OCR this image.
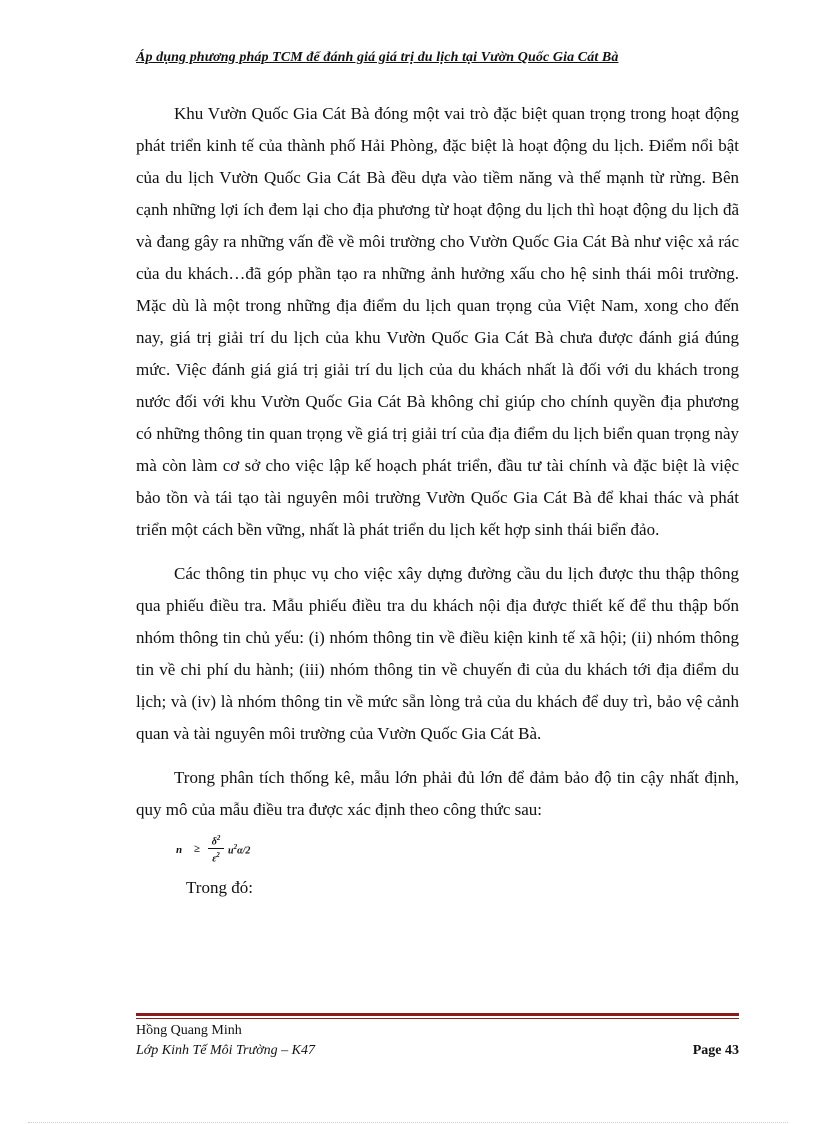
Áp dụng phương pháp TCM để đánh giá giá trị du lịch tại Vườn Quốc Gia Cát Bà

Khu Vườn Quốc Gia Cát Bà đóng một vai trò đặc biệt quan trọng trong hoạt động phát triển kinh tế của thành phố Hải Phòng, đặc biệt là hoạt động du lịch. Điểm nổi bật của du lịch Vườn Quốc Gia Cát Bà đều dựa vào tiềm năng và thế mạnh từ rừng. Bên cạnh những lợi ích đem lại cho địa phương từ hoạt động du lịch thì hoạt động du lịch đã và đang gây ra những vấn đề về môi trường cho Vườn Quốc Gia Cát Bà như việc xả rác của du khách…đã góp phần tạo ra những ảnh hưởng xấu cho hệ sinh thái môi trường. Mặc dù là một trong những địa điểm du lịch quan trọng của Việt Nam, xong cho đến nay, giá trị giải trí du lịch của khu Vườn Quốc Gia Cát Bà chưa được đánh giá đúng mức. Việc đánh giá giá trị giải trí du lịch của du khách nhất là đối với du khách trong nước đối với khu Vườn Quốc Gia Cát Bà không chỉ giúp cho chính quyền địa phương có những thông tin quan trọng về giá trị giải trí của địa điểm du lịch biển quan trọng này mà còn làm cơ sở cho việc lập kế hoạch phát triển, đầu tư tài chính và đặc biệt là việc bảo tồn và tái tạo tài nguyên môi trường Vườn Quốc Gia Cát Bà để khai thác và phát triển một cách bền vững, nhất là phát triển du lịch kết hợp sinh thái biển đảo.

Các thông tin phục vụ cho việc xây dựng đường cầu du lịch được thu thập thông qua phiếu điều tra. Mẫu phiếu điều tra du khách nội địa được thiết kế để thu thập bốn nhóm thông tin chủ yếu: (i) nhóm thông tin về điều kiện kinh tế xã hội; (ii) nhóm thông tin về chi phí du hành; (iii) nhóm thông tin về chuyến đi của du khách tới địa điểm du lịch; và (iv) là nhóm thông tin về mức sẵn lòng trả của du khách để duy trì, bảo vệ cảnh quan và tài nguyên môi trường của Vườn Quốc Gia Cát Bà.

Trong phân tích thống kê, mẫu lớn phải đủ lớn để đảm bảo độ tin cậy nhất định, quy mô của mẫu điều tra được xác định theo công thức sau:

$n \ge \frac{\delta^2}{\varepsilon^2} u^2\alpha/2$

Trong đó:

Hồng Quang Minh
Lớp Kinh Tế Môi Trường – K47	Page 43
